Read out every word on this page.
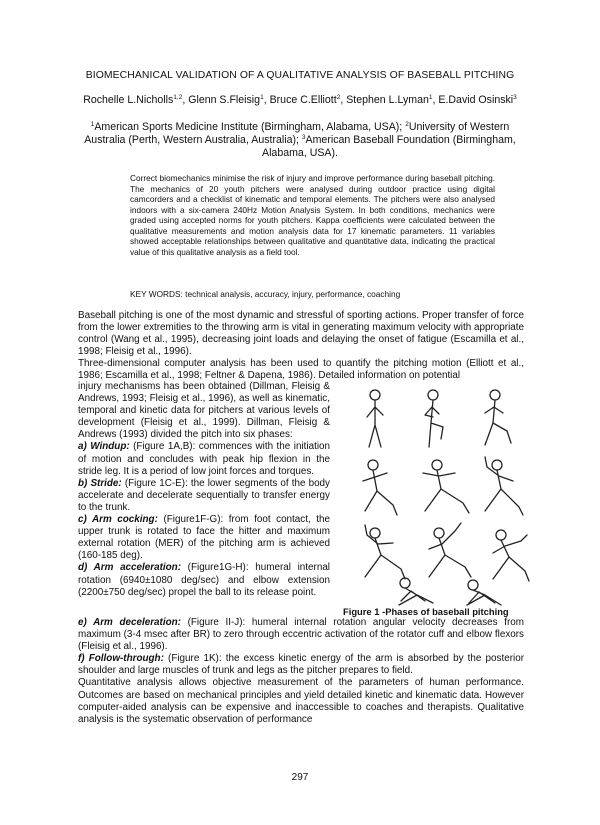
BIOMECHANICAL VALIDATION OF A QUALITATIVE ANALYSIS OF BASEBALL PITCHING
Rochelle L.Nicholls$^{1,2}$, Glenn S.Fleisig$^1$, Bruce C.Elliott$^2$, Stephen L.Lyman$^1$, E.David Osinski$^3$
$^1$American Sports Medicine Institute (Birmingham, Alabama, USA); $^2$University of Western Australia (Perth, Western Australia, Australia); $^3$American Baseball Foundation (Birmingham, Alabama, USA).
Correct biomechanics minimise the risk of injury and improve performance during baseball pitching. The mechanics of 20 youth pitchers were analysed during outdoor practice using digital camcorders and a checklist of kinematic and temporal elements. The pitchers were also analysed indoors with a six-camera 240Hz Motion Analysis System. In both conditions, mechanics were graded using accepted norms for youth pitchers. Kappa coefficients were calculated between the qualitative measurements and motion analysis data for 17 kinematic parameters. 11 variables showed acceptable relationships between qualitative and quantitative data, indicating the practical value of this qualitative analysis as a field tool.
KEY WORDS: technical analysis, accuracy, injury, performance, coaching

Baseball pitching is one of the most dynamic and stressful of sporting actions. Proper transfer of force from the lower extremities to the throwing arm is vital in generating maximum velocity with appropriate control (Wang et al., 1995), decreasing joint loads and delaying the onset of fatigue (Escamilla et al., 1998; Fleisig et al., 1996).

Three-dimensional computer analysis has been used to quantify the pitching motion (Elliott et al., 1986; Escamilla et al., 1998; Feltner & Dapena, 1986). Detailed information on potential

injury mechanisms has been obtained (Dillman, Fleisig & Andrews, 1993; Fleisig et al., 1996), as well as kinematic, temporal and kinetic data for pitchers at various levels of development (Fleisig et al., 1999). Dillman, Fleisig & Andrews (1993) divided the pitch into six phases:

a) Windup: (Figure 1A,B): commences with the initiation of motion and concludes with peak hip flexion in the stride leg. It is a period of low joint forces and torques.

b) Stride: (Figure 1C-E): the lower segments of the body accelerate and decelerate sequentially to transfer energy to the trunk.

c) Arm cocking: (Figure1F-G): from foot contact, the upper trunk is rotated to face the hitter and maximum external rotation (MER) of the pitching arm is achieved (160-185 deg).

d) Arm acceleration: (Figure1G-H): humeral internal rotation (6940±1080 deg/sec) and elbow extension (2200±750 deg/sec) propel the ball to its release point.

Figure 1 -Phases of baseball pitching

e) Arm deceleration: (Figure II-J): humeral internal rotation angular velocity decreases from maximum (3-4 msec after BR) to zero through eccentric activation of the rotator cuff and elbow flexors (Fleisig et al., 1996).

f) Follow-through: (Figure 1K): the excess kinetic energy of the arm is absorbed by the posterior shoulder and large muscles of trunk and legs as the pitcher prepares to field.

Quantitative analysis allows objective measurement of the parameters of human performance. Outcomes are based on mechanical principles and yield detailed kinetic and kinematic data. However computer-aided analysis can be expensive and inaccessible to coaches and therapists. Qualitative analysis is the systematic observation of performance

297
